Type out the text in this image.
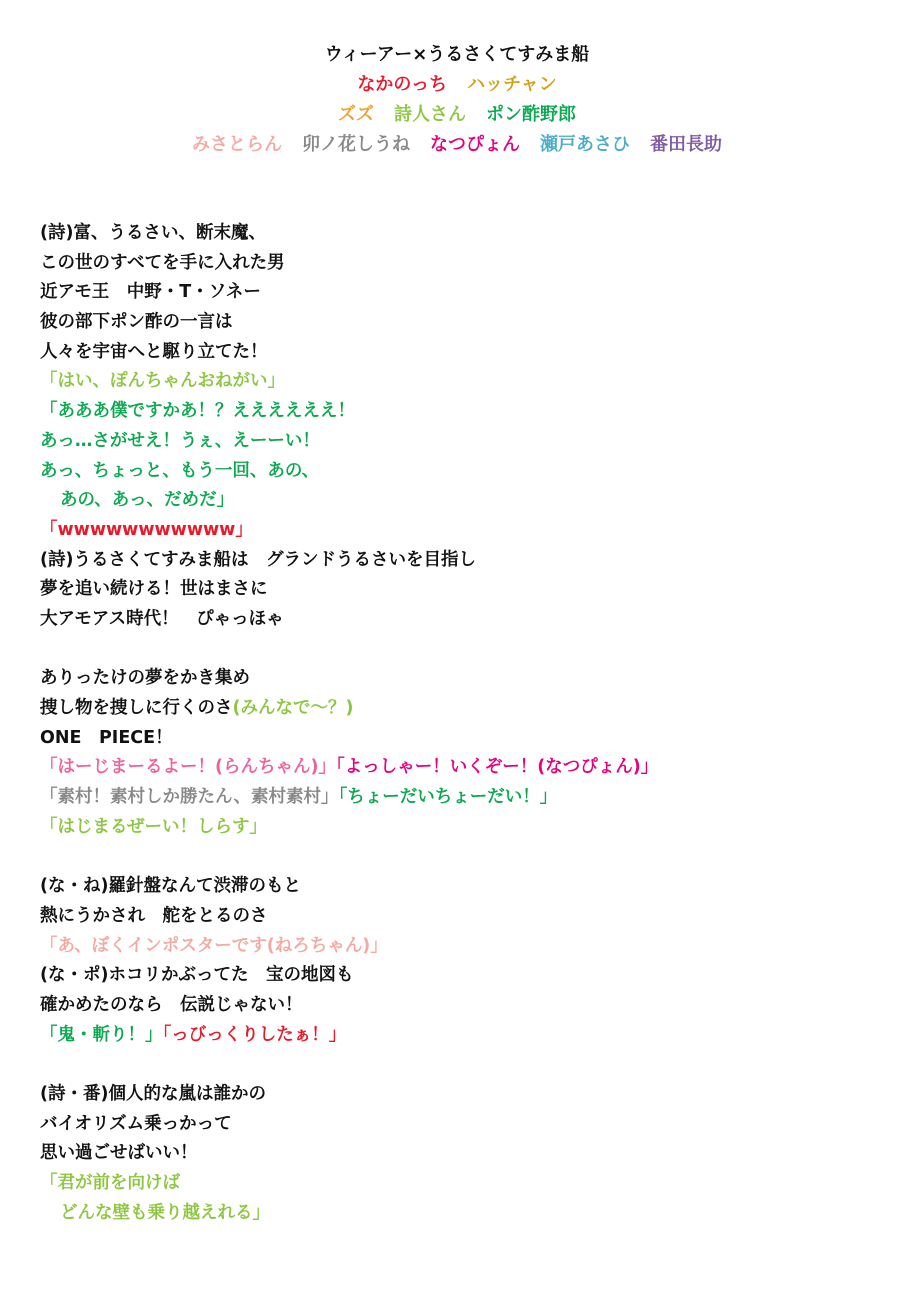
ウィーアー×うるさくてすみま船
なかのっち ハッチャン
ズズ 詩人さん ポン酢野郎
みさとらん 卯ノ花しうね なつぴょん 瀬戸あさひ 番田長助
(詩)富、うるさい、断末魔、
この世のすべてを手に入れた男
近アモ王　中野・T・ソネー
彼の部下ポン酢の一言は
人々を宇宙へと駆り立てた！
「はい、ぽんちゃんおねがい」
「あああ僕ですかあ！？ええええええ！
あっ…さがせえ！うぇ、えーーい！
あっ、ちょっと、もう一回、あの、
あの、あっ、だめだ」
「wwwwwwwwwww」
(詩)うるさくてすみま船は　グランドうるさいを目指し
夢を追い続ける！世はまさに
大アモアス時代！　ぴゃっほゃ
ありったけの夢をかき集め
捜し物を捜しに行くのさ(みんなで～？)
ONE　PIECE！
「はーじまーるよー！(らんちゃん)」「よっしゃー！いくぞー！(なつぴょん)」
「素村！素村しか勝たん、素村素村」「ちょーだいちょーだい！」
「はじまるぜーい！しらす」
(な・ね)羅針盤なんて渋滞のもと
熱にうかされ　舵をとるのさ
「あ、ぼくインポスターです(ねろちゃん)」
(な・ポ)ホコリかぶってた　宝の地図も
確かめたのなら　伝説じゃない！
「鬼・斬り！」「っびっくりしたぁ！」
(詩・番)個人的な嵐は誰かの
バイオリズム乗っかって
思い過ごせばいい！
「君が前を向けば
どんな壁も乗り越えれる」
